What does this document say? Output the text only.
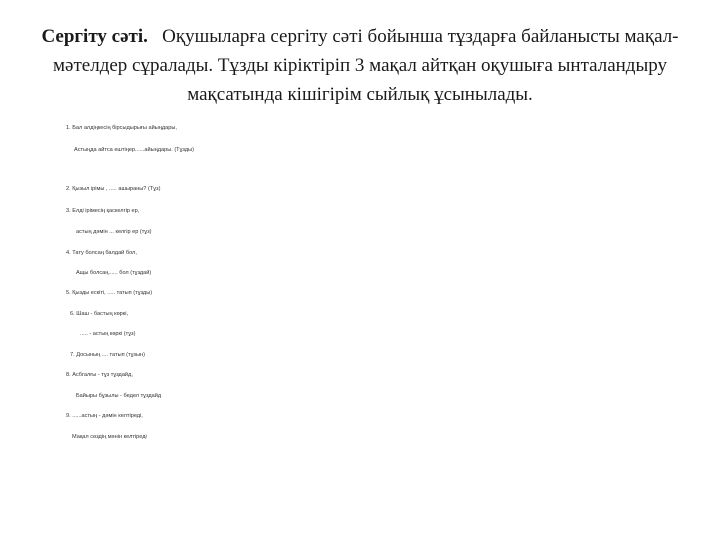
Сергіту сәті. Оқушыларға сергіту сәті бойынша тұздарға байланысты мақал-мәтелдер сұралады. Тұзды кіріктіріп 3 мақал айтқан оқушыға ынталандыру мақсатында кішігірім сыйлық ұсынылады.
1. Бал алдіңкесің бірсыдырығы айыңдары,
Астыңда айтса ештіңер......айыңдары. (Тұзды)
2. Қызыл ірімы , ..... ашыраны? (Тұз)
3. Елді ірімесің қаскелгір ер,
астың дәмін ... келгір ер (тұз)
4. Тату болсаң балдай бол,
Ащы болсаң...... бол (тұздай)
5. Қызды ескіті, ..... татып (тұзды)
6. Шаш - бастың көркі,
..... - астың көркі (тұз)
7. Досының .... татып (тұзын)
8. Асбгалғы - тұз тұздайд,
Байыры бұзылы - бедел тұздайд
9. ......астың - дәмін келтіреді,
Мақал сөздің мәнін келтіреді
